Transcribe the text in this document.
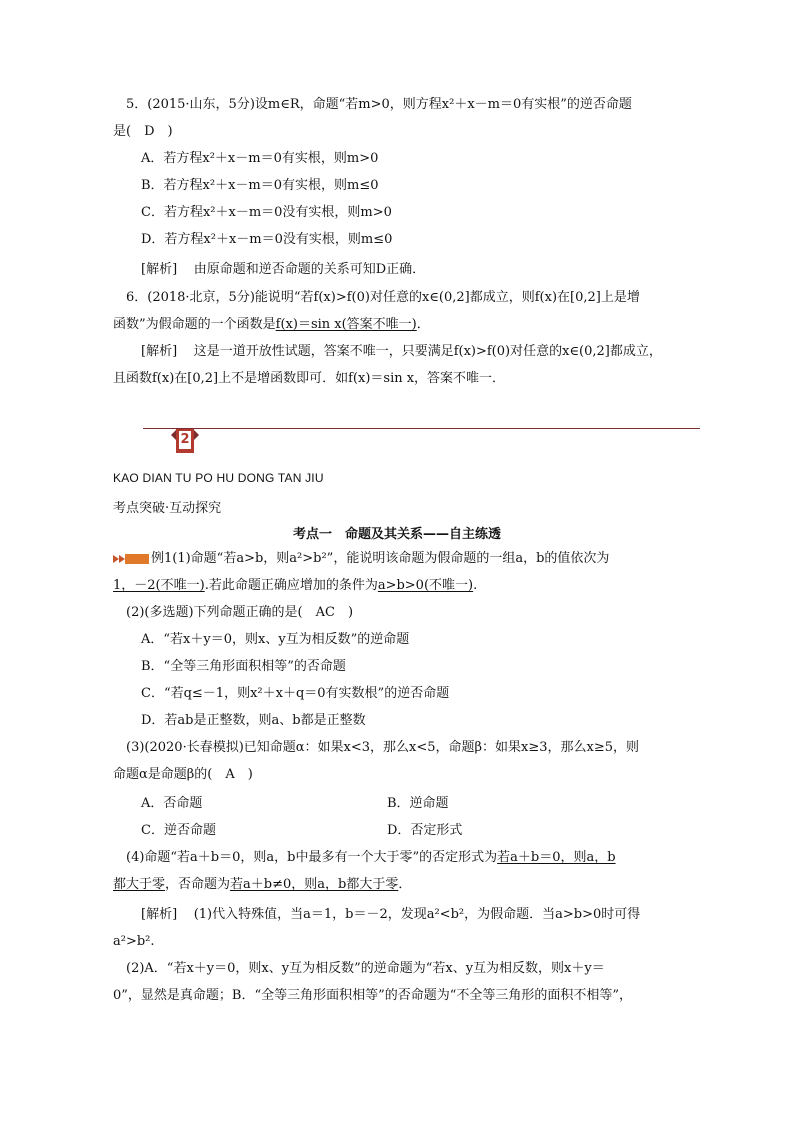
5．(2015·山东，5分)设m∈R，命题“若m>0，则方程x²＋x－m＝0有实根”的逆否命题
是(　D　)
A．若方程x²＋x－m＝0有实根，则m>0
B．若方程x²＋x－m＝0有实根，则m≤0
C．若方程x²＋x－m＝0没有实根，则m>0
D．若方程x²＋x－m＝0没有实根，则m≤0
[解析] 由原命题和逆否命题的关系可知D正确．
6．(2018·北京，5分)能说明“若f(x)>f(0)对任意的x∈(0,2]都成立，则f(x)在[0,2]上是增
函数”为假命题的一个函数是f(x)＝sin x(答案不唯一)．
[解析] 这是一道开放性试题，答案不唯一，只要满足f(x)>f(0)对任意的x∈(0,2]都成立，
且函数f(x)在[0,2]上不是增函数即可．如f(x)＝sin x，答案不唯一．
2
KAO DIAN TU PO HU DONG TAN JIU
考点突破·互动探究
考点一　命题及其关系——自主练透
例1(1)命题“若a>b，则a²>b²”，能说明该命题为假命题的一组a，b的值依次为
1，－2(不唯一).若此命题正确应增加的条件为a>b>0(不唯一).
(2)(多选题)下列命题正确的是(　AC　)
A．“若x＋y＝0，则x、y互为相反数”的逆命题
B．“全等三角形面积相等”的否命题
C．“若q≤－1，则x²＋x＋q＝0有实数根”的逆否命题
D．若ab是正整数，则a、b都是正整数
(3)(2020·长春模拟)已知命题α：如果x<3，那么x<5，命题β：如果x≥3，那么x≥5，则
命题α是命题β的(　A　)
A．否命题	B．逆命题
C．逆否命题	D．否定形式
(4)命题“若a＋b＝0，则a，b中最多有一个大于零”的否定形式为若a＋b＝0，则a，b
都大于零，否命题为若a＋b≠0，则a，b都大于零．
[解析] (1)代入特殊值，当a＝1，b＝－2，发现a²<b²，为假命题．当a>b>0时可得
a²>b².
(2)A．“若x＋y＝0，则x、y互为相反数”的逆命题为“若x、y互为相反数，则x＋y＝
0”，显然是真命题；B．“全等三角形面积相等”的否命题为“不全等三角形的面积不相等”，
